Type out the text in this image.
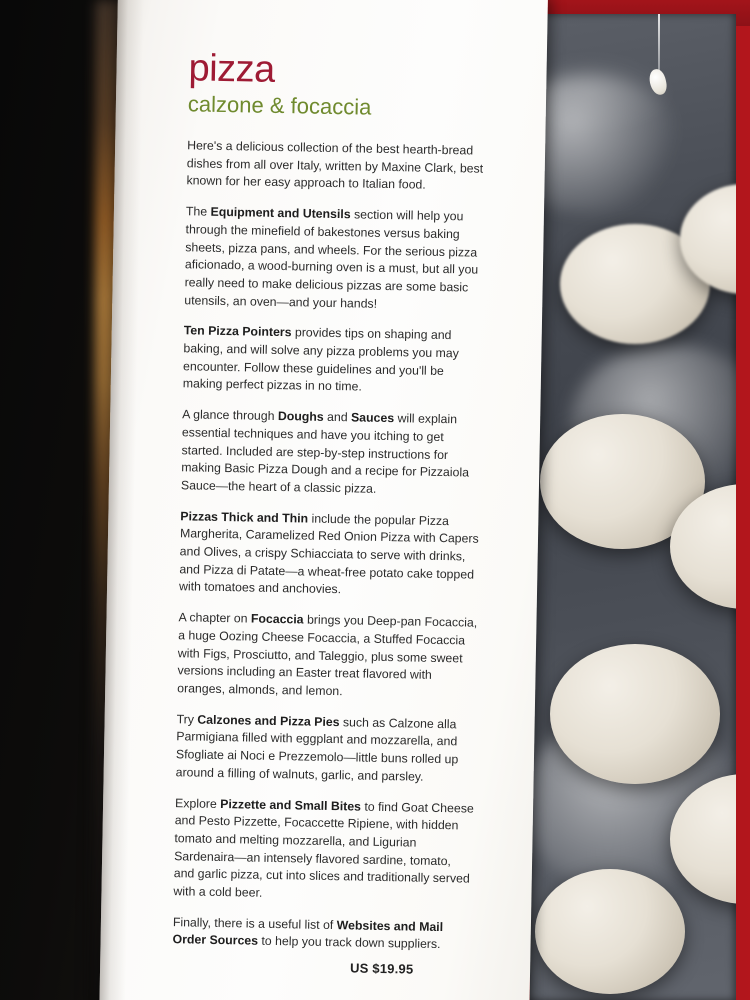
pizza
calzone & focaccia
Here's a delicious collection of the best hearth-bread dishes from all over Italy, written by Maxine Clark, best known for her easy approach to Italian food.
The Equipment and Utensils section will help you through the minefield of bakestones versus baking sheets, pizza pans, and wheels. For the serious pizza aficionado, a wood-burning oven is a must, but all you really need to make delicious pizzas are some basic utensils, an oven—and your hands!
Ten Pizza Pointers provides tips on shaping and baking, and will solve any pizza problems you may encounter. Follow these guidelines and you'll be making perfect pizzas in no time.
A glance through Doughs and Sauces will explain essential techniques and have you itching to get started. Included are step-by-step instructions for making Basic Pizza Dough and a recipe for Pizzaiola Sauce—the heart of a classic pizza.
Pizzas Thick and Thin include the popular Pizza Margherita, Caramelized Red Onion Pizza with Capers and Olives, a crispy Schiacciata to serve with drinks, and Pizza di Patate—a wheat-free potato cake topped with tomatoes and anchovies.
A chapter on Focaccia brings you Deep-pan Focaccia, a huge Oozing Cheese Focaccia, a Stuffed Focaccia with Figs, Prosciutto, and Taleggio, plus some sweet versions including an Easter treat flavored with oranges, almonds, and lemon.
Try Calzones and Pizza Pies such as Calzone alla Parmigiana filled with eggplant and mozzarella, and Sfogliate ai Noci e Prezzemolo—little buns rolled up around a filling of walnuts, garlic, and parsley.
Explore Pizzette and Small Bites to find Goat Cheese and Pesto Pizzette, Focaccette Ripiene, with hidden tomato and melting mozzarella, and Ligurian Sardenaira—an intensely flavored sardine, tomato, and garlic pizza, cut into slices and traditionally served with a cold beer.
Finally, there is a useful list of Websites and Mail Order Sources to help you track down suppliers.
US $19.95
